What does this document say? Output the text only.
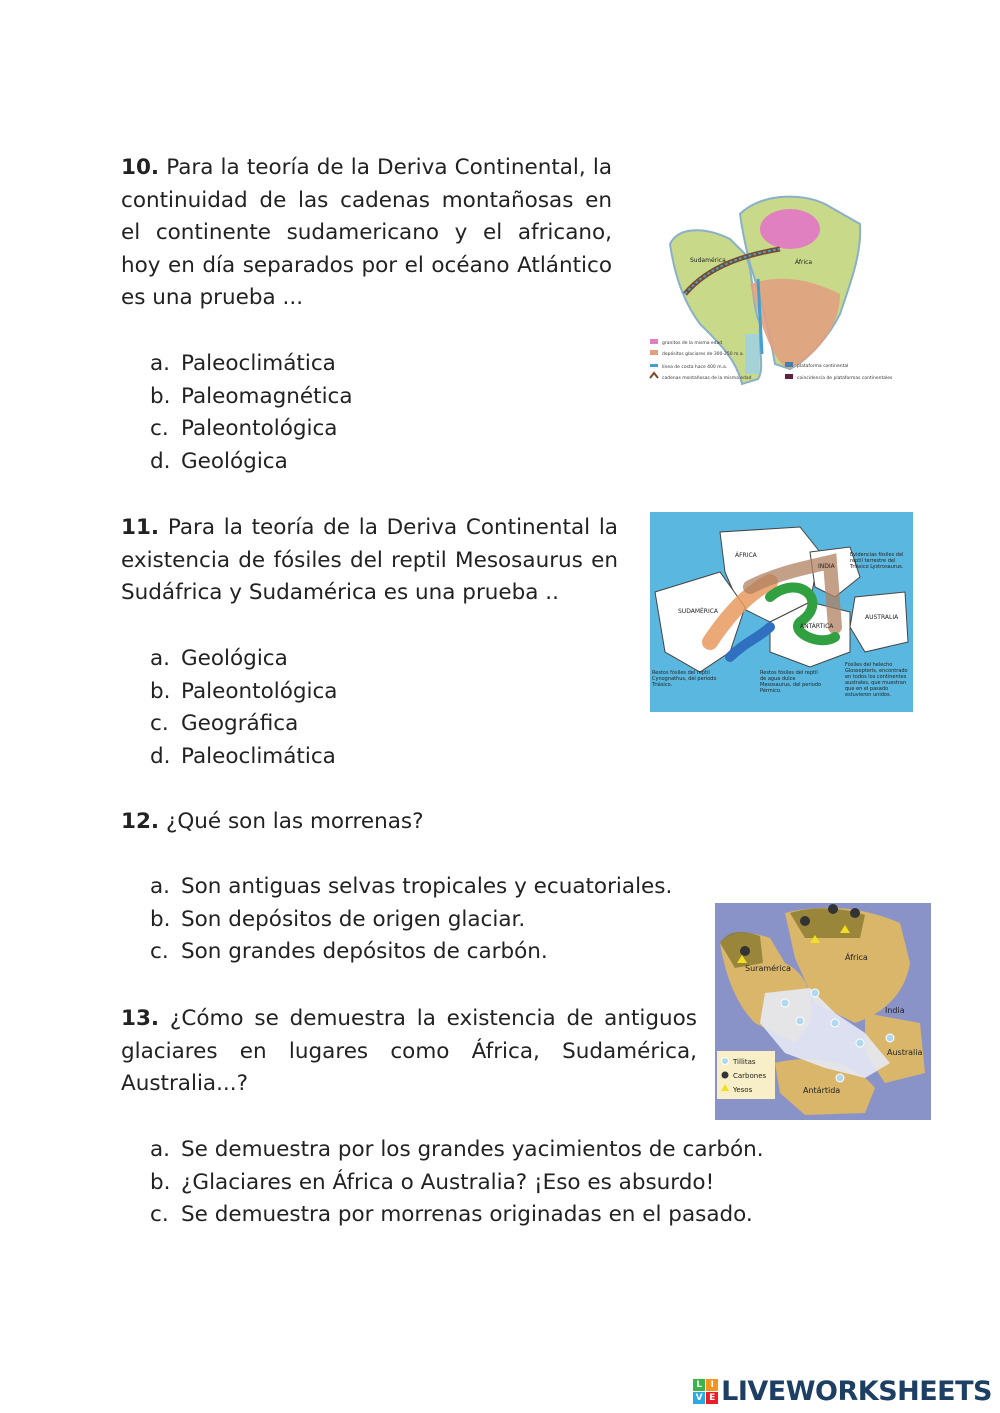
10. Para la teoría de la Deriva Continental, la continuidad de las cadenas montañosas en el continente sudamericano y el africano, hoy en día separados por el océano Atlántico es una prueba ...
a. Paleoclimática
b. Paleomagnética
c. Paleontológica
d. Geológica
Sudamérica	África
granitos de la misma edad
depósitos glaciares de 300-250 m.a.
línea de costa hace 400 m.a.
cadenas montañosas de la misma edad
plataforma continental
coincidencia de plataformas continentales
11. Para la teoría de la Deriva Continental la existencia de fósiles del reptil Mesosaurus en Sudáfrica y Sudamérica es una prueba ..
a. Geológica
b. Paleontológica
c. Geográfica
d. Paleoclimática
ÁFRICA
INDIA
SUDAMÉRICA
ANTÁRTICA
AUSTRALIA
Evidencias fósiles del reptil terrestre del Triásico Lystrosaurus.
Restos fósiles del reptil Cynognathus, del periodo Triásico.
Restos fósiles del reptil de agua dulce Mesosaurus, del periodo Pérmico.
Fósiles del helecho Glossopteris, encontrado en todos los continentes australes, que muestran que en el pasado estuvieron unidos.
12. ¿Qué son las morrenas?
a. Son antiguas selvas tropicales y ecuatoriales.
b. Son depósitos de origen glaciar.
c. Son grandes depósitos de carbón.
13. ¿Cómo se demuestra la existencia de antiguos glaciares en lugares como África, Sudamérica, Australia...?
a. Se demuestra por los grandes yacimientos de carbón.
b. ¿Glaciares en África o Australia? ¡Eso es absurdo!
c. Se demuestra por morrenas originadas en el pasado.
Suramérica
África
India
Australia
Antártida
Tillitas
Carbones
Yesos
L I
V E LIVEWORKSHEETS
